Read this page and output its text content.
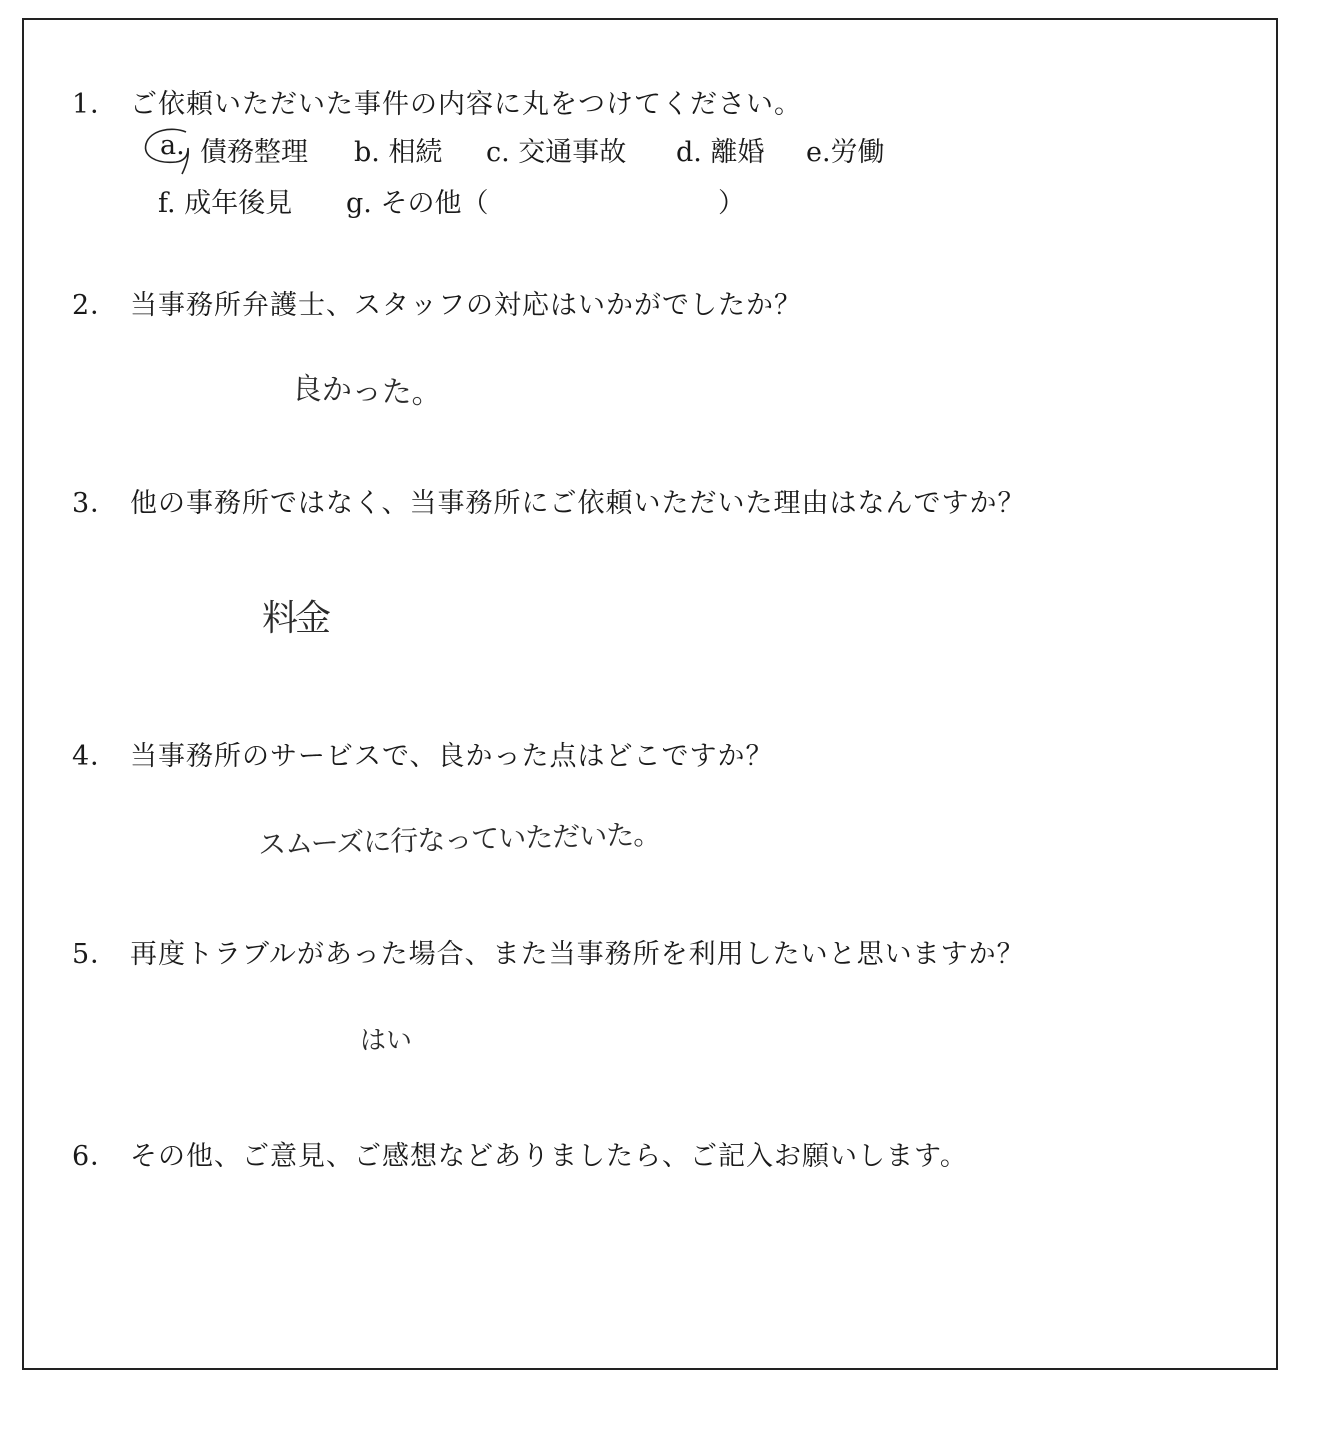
1． ご依頼いただいた事件の内容に丸をつけてください。
a. 債務整理 b. 相続 c. 交通事故 d. 離婚 e.労働
f. 成年後見 g. その他（	）
2． 当事務所弁護士、スタッフの対応はいかがでしたか？
良かった。
3． 他の事務所ではなく、当事務所にご依頼いただいた理由はなんですか？
料金
4． 当事務所のサービスで、良かった点はどこですか？
スムーズに行なっていただいた。
5． 再度トラブルがあった場合、また当事務所を利用したいと思いますか？
はい
6． その他、ご意見、ご感想などありましたら、ご記入お願いします。
